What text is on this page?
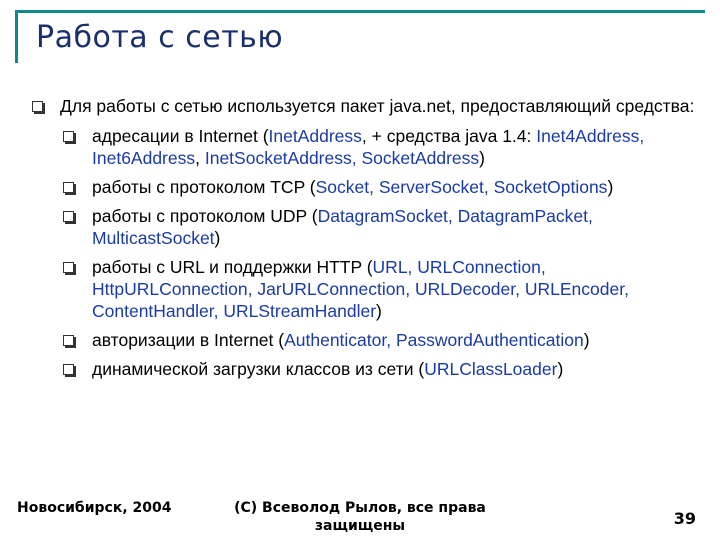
Работа с сетью
Для работы с сетью используется пакет java.net, предоставляющий средства:
адресации в Internet (InetAddress, + средства java 1.4: Inet4Address, Inet6Address, InetSocketAddress, SocketAddress)
работы с протоколом TCP (Socket, ServerSocket, SocketOptions)
работы с протоколом UDP (DatagramSocket, DatagramPacket, MulticastSocket)
работы с URL и поддержки HTTP (URL, URLConnection, HttpURLConnection, JarURLConnection, URLDecoder, URLEncoder, ContentHandler, URLStreamHandler)
авторизации в Internet (Authenticator, PasswordAuthentication)
динамической загрузки классов из сети (URLClassLoader)
Новосибирск, 2004	(C) Всеволод Рылов, все права защищены	39
